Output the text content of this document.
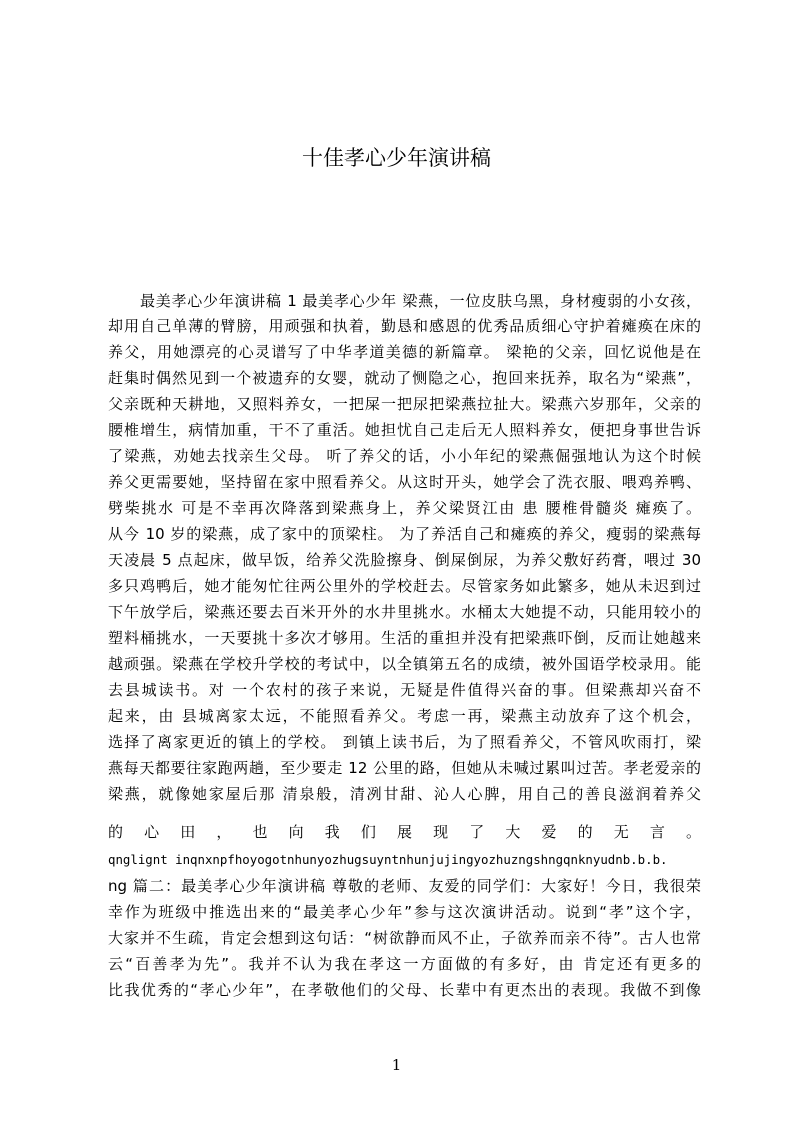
十佳孝心少年演讲稿
最美孝心少年演讲稿 1 最美孝心少年 梁燕，一位皮肤乌黑，身材瘦弱的小女孩，
却用自己单薄的臂膀，用顽强和执着，勤恳和感恩的优秀品质细心守护着瘫痪在床的
养父，用她漂亮的心灵谱写了中华孝道美德的新篇章。 梁艳的父亲，回忆说他是在
赶集时偶然见到一个被遗弃的女婴，就动了恻隐之心，抱回来抚养，取名为“梁燕”，
父亲既种天耕地，又照料养女，一把屎一把尿把梁燕拉扯大。梁燕六岁那年，父亲的
腰椎增生，病情加重，干不了重活。她担忧自己走后无人照料养女，便把身事世告诉
了梁燕，劝她去找亲生父母。 听了养父的话，小小年纪的梁燕倔强地认为这个时候
养父更需要她，坚持留在家中照看养父。从这时开头，她学会了洗衣服、喂鸡养鸭、
劈柴挑水 可是不幸再次降落到梁燕身上，养父梁贤江由 患 腰椎骨髓炎 瘫痪了。
从今 10 岁的梁燕，成了家中的顶梁柱。 为了养活自己和瘫痪的养父，瘦弱的梁燕每
天凌晨 5 点起床，做早饭，给养父洗脸擦身、倒屎倒尿，为养父敷好药膏，喂过 30
多只鸡鸭后，她才能匆忙往两公里外的学校赶去。尽管家务如此繁多，她从未迟到过
下午放学后，梁燕还要去百米开外的水井里挑水。水桶太大她提不动，只能用较小的
塑料桶挑水，一天要挑十多次才够用。生活的重担并没有把梁燕吓倒，反而让她越来
越顽强。梁燕在学校升学校的考试中，以全镇第五名的成绩，被外国语学校录用。能
去县城读书。对 一个农村的孩子来说，无疑是件值得兴奋的事。但梁燕却兴奋不
起来，由 县城离家太远，不能照看养父。考虑一再，梁燕主动放弃了这个机会，
选择了离家更近的镇上的学校。 到镇上读书后，为了照看养父，不管风吹雨打，梁
燕每天都要往家跑两趟，至少要走 12 公里的路，但她从未喊过累叫过苦。孝老爱亲的
梁燕，就像她家屋后那 清泉般，清冽甘甜、沁人心脾，用自己的善良滋润着养父
的 心 田 ， 也 向 我 们 展 现 了 大 爱 的 无 言 。
qnglignt inqnxnpfhoyogotnhunyozhugsuyntnhunjujingyozhuzngshngqnknyudnb.b.b.
ng 篇二：最美孝心少年演讲稿 尊敬的老师、友爱的同学们：大家好！今日，我很荣
幸作为班级中推选出来的“最美孝心少年”参与这次演讲活动。说到“孝”这个字，
大家并不生疏，肯定会想到这句话：“树欲静而风不止，子欲养而亲不待”。古人也常
云“百善孝为先”。我并不认为我在孝这一方面做的有多好，由 肯定还有更多的
比我优秀的“孝心少年”，在孝敬他们的父母、长辈中有更杰出的表现。我做不到像
1
